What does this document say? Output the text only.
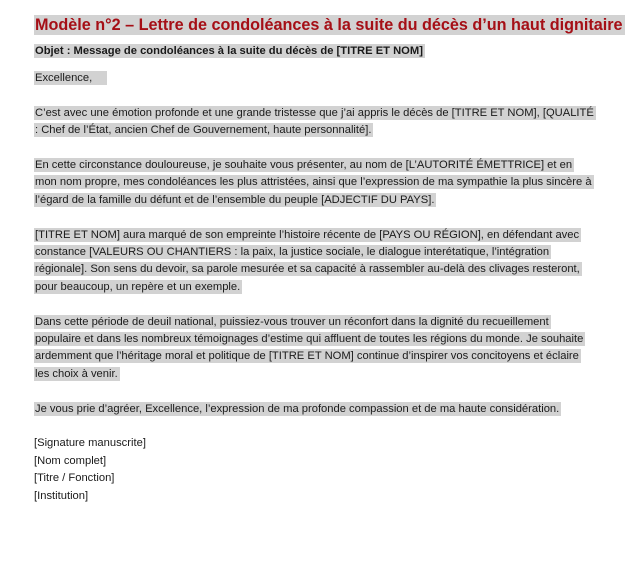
Modèle n°2 – Lettre de condoléances à la suite du décès d’un haut dignitaire

Objet : Message de condoléances à la suite du décès de [TITRE ET NOM]

Excellence,

C’est avec une émotion profonde et une grande tristesse que j’ai appris le décès de [TITRE ET NOM], [QUALITÉ : Chef de l’État, ancien Chef de Gouvernement, haute personnalité].

En cette circonstance douloureuse, je souhaite vous présenter, au nom de [L’AUTORITÉ ÉMETTRICE] et en mon nom propre, mes condoléances les plus attristées, ainsi que l’expression de ma sympathie la plus sincère à l’égard de la famille du défunt et de l’ensemble du peuple [ADJECTIF DU PAYS].

[TITRE ET NOM] aura marqué de son empreinte l’histoire récente de [PAYS OU RÉGION], en défendant avec constance [VALEURS OU CHANTIERS : la paix, la justice sociale, le dialogue interétatique, l’intégration régionale]. Son sens du devoir, sa parole mesurée et sa capacité à rassembler au-delà des clivages resteront, pour beaucoup, un repère et un exemple.

Dans cette période de deuil national, puissiez-vous trouver un réconfort dans la dignité du recueillement populaire et dans les nombreux témoignages d’estime qui affluent de toutes les régions du monde. Je souhaite ardemment que l’héritage moral et politique de [TITRE ET NOM] continue d’inspirer vos concitoyens et éclaire les choix à venir.

Je vous prie d’agréer, Excellence, l’expression de ma profonde compassion et de ma haute considération.

[Signature manuscrite]
[Nom complet]
[Titre / Fonction]
[Institution]
